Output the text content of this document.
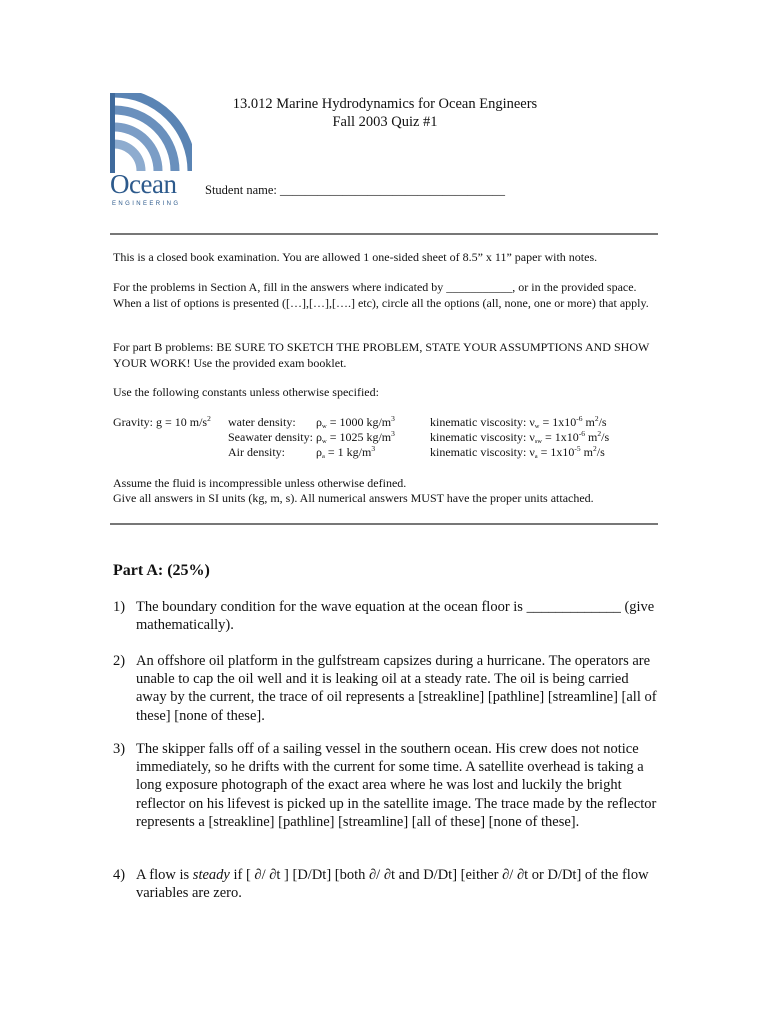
Ocean
ENGINEERING
13.012 Marine Hydrodynamics for Ocean Engineers
Fall 2003 Quiz #1
Student name: ____________________________________

This is a closed book examination. You are allowed 1 one-sided sheet of 8.5” x 11” paper with notes.

For the problems in Section A, fill in the answers where indicated by ___________, or in the provided space. When a list of options is presented ([…],[…],[….] etc), circle all the options (all, none, one or more) that apply.

For part B problems: BE SURE TO SKETCH THE PROBLEM, STATE YOUR ASSUMPTIONS AND SHOW YOUR WORK! Use the provided exam booklet.

Use the following constants unless otherwise specified:

Gravity: g = 10 $m/s^2$ water density:
Seawater density:
Air density:
$\rho_w = 1000$ $kg/m^3$
$\rho_w = 1025$ $kg/m^3$
$\rho_a = 1$ $kg/m^3$
kinematic viscosity: $\nu_w = 1x10^{-6}$ $m^2/s$
kinematic viscosity: $\nu_{sw} = 1x10^{-6}$ $m^2/s$
kinematic viscosity: $\nu_a = 1x10^{-5}$ $m^2/s$

Assume the fluid is incompressible unless otherwise defined.

Give all answers in SI units (kg, m, s). All numerical answers MUST have the proper units attached.

Part A: (25%)
1) The boundary condition for the wave equation at the ocean floor is _____________ (give mathematically).
2) An offshore oil platform in the gulfstream capsizes during a hurricane. The operators are unable to cap the oil well and it is leaking oil at a steady rate. The oil is being carried away by the current, the trace of oil represents a [streakline] [pathline] [streamline] [all of these] [none of these].
3) The skipper falls off of a sailing vessel in the southern ocean. His crew does not notice immediately, so he drifts with the current for some time. A satellite overhead is taking a long exposure photograph of the exact area where he was lost and luckily the bright reflector on his lifevest is picked up in the satellite image. The trace made by the reflector represents a [streakline] [pathline] [streamline] [all of these] [none of these].
4) A flow is steady if [ ∂/ ∂t ] [D/Dt] [both ∂/ ∂t and D/Dt] [either ∂/ ∂t or D/Dt] of the flow variables are zero.
